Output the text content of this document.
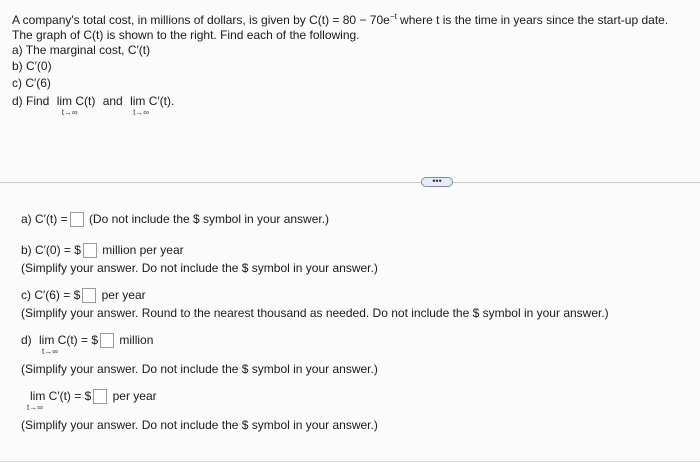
A company's total cost, in millions of dollars, is given by $C(t) = 80 - 70e^{-t}$ where t is the time in years since the start-up date.
The graph of C(t) is shown to the right. Find each of the following.
a) The marginal cost, C′(t)
b) C′(0)
c) C′(6)
d) Find lim C(t)
t→∞
and lim C′(t).
t→∞
•••
a) C′(t) = (Do not include the $ symbol in your answer.)
b) C′(0) = $ million per year
(Simplify your answer. Do not include the $ symbol in your answer.)
c) C′(6) = $ per year
(Simplify your answer. Round to the nearest thousand as needed. Do not include the $ symbol in your answer.)
d) lim C(t) = $
t→∞
million
(Simplify your answer. Do not include the $ symbol in your answer.)
lim C′(t) = $
t→∞
per year
(Simplify your answer. Do not include the $ symbol in your answer.)
